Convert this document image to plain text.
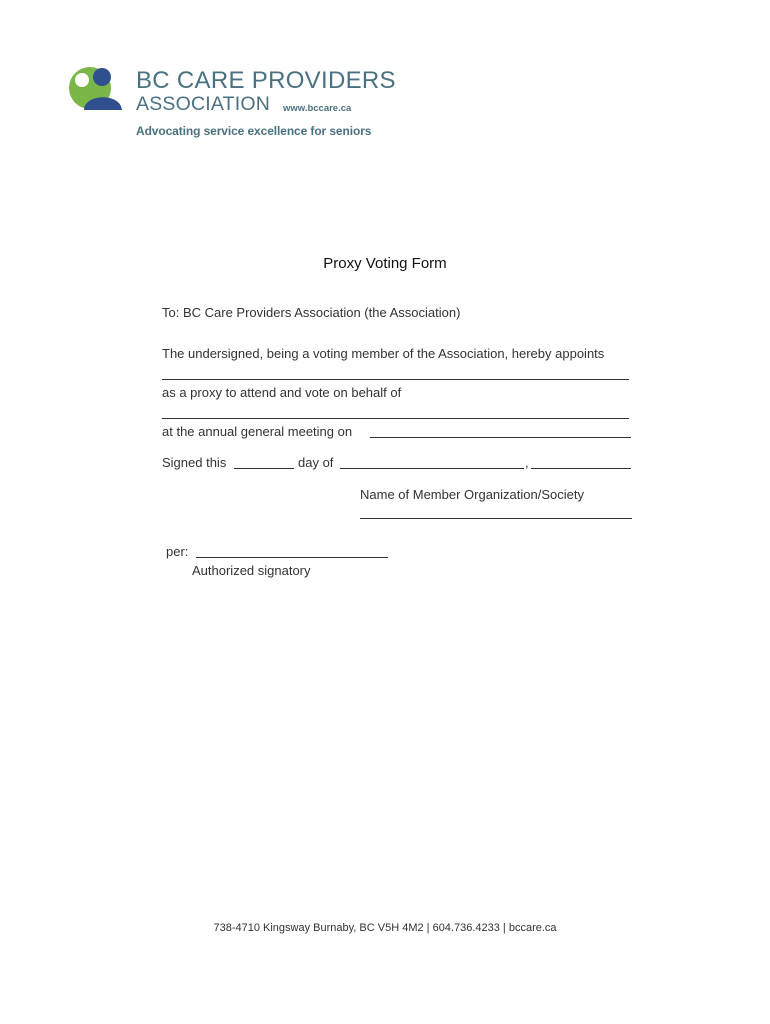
BC CARE PROVIDERS
ASSOCIATION www.bccare.ca
Advocating service excellence for seniors
Proxy Voting Form
To: BC Care Providers Association (the Association)
The undersigned, being a voting member of the Association, hereby appoints
as a proxy to attend and vote on behalf of
at the annual general meeting on
Signed this	day of	,
Name of Member Organization/Society
per:
Authorized signatory
738-4710 Kingsway Burnaby, BC V5H 4M2 | 604.736.4233 | bccare.ca
